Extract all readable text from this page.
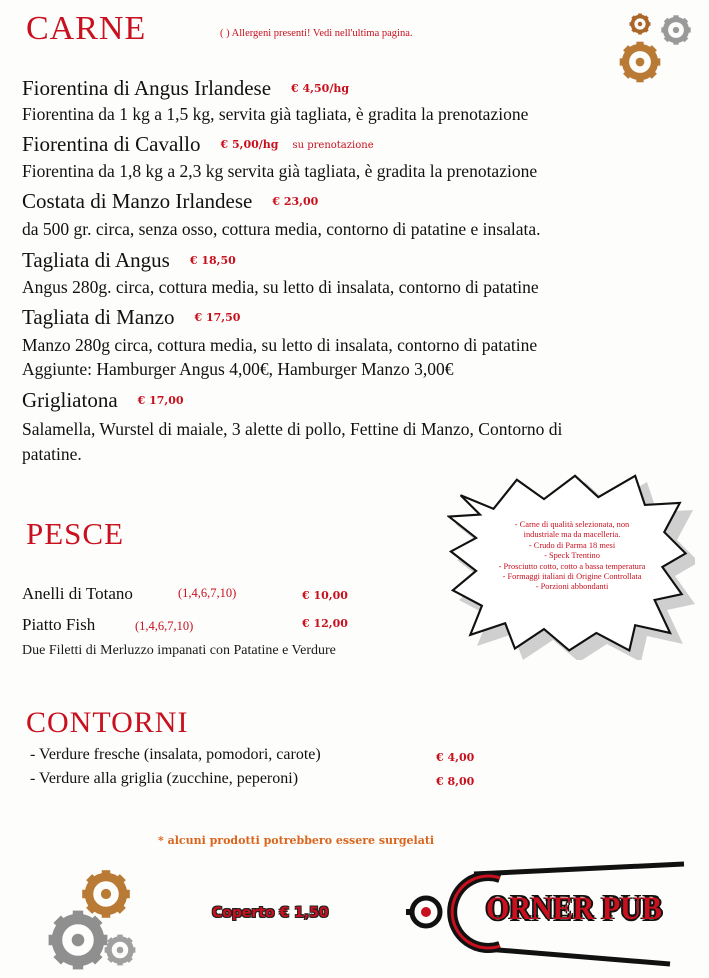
CARNE	( ) Allergeni presenti! Vedi nell'ultima pagina.
Fiorentina di Angus Irlandese € 4,50/hg
Fiorentina da 1 kg a 1,5 kg, servita già tagliata, è gradita la prenotazione
Fiorentina di Cavallo € 5,00/hg su prenotazione
Fiorentina da 1,8 kg a 2,3 kg servita già tagliata, è gradita la prenotazione
Costata di Manzo Irlandese € 23,00
da 500 gr. circa, senza osso, cottura media, contorno di patatine e insalata.
Tagliata di Angus € 18,50
Angus 280g. circa, cottura media, su letto di insalata, contorno di patatine
Tagliata di Manzo € 17,50
Manzo 280g circa, cottura media, su letto di insalata, contorno di patatine
Aggiunte: Hamburger Angus 4,00€, Hamburger Manzo 3,00€
Grigliatona € 17,00
Salamella, Wurstel di maiale, 3 alette di pollo, Fettine di Manzo, Contorno di
patatine.
PESCE
Anelli di Totano	(1,4,6,7,10)	€ 10,00
Piatto Fish	(1,4,6,7,10)	€ 12,00
Due Filetti di Merluzzo impanati con Patatine e Verdure
- Carne di qualità selezionata, non
industriale ma da macelleria.
- Crudo di Parma 18 mesi
- Speck Trentino
- Prosciutto cotto, cotto a bassa temperatura
- Formaggi italiani di Origine Controllata
- Porzioni abbondanti
CONTORNI
- Verdure fresche (insalata, pomodori, carote)	€ 4,00
- Verdure alla griglia (zucchine, peperoni)	€ 8,00
* alcuni prodotti potrebbero essere surgelati
Coperto € 1,50	ORNER PUB
